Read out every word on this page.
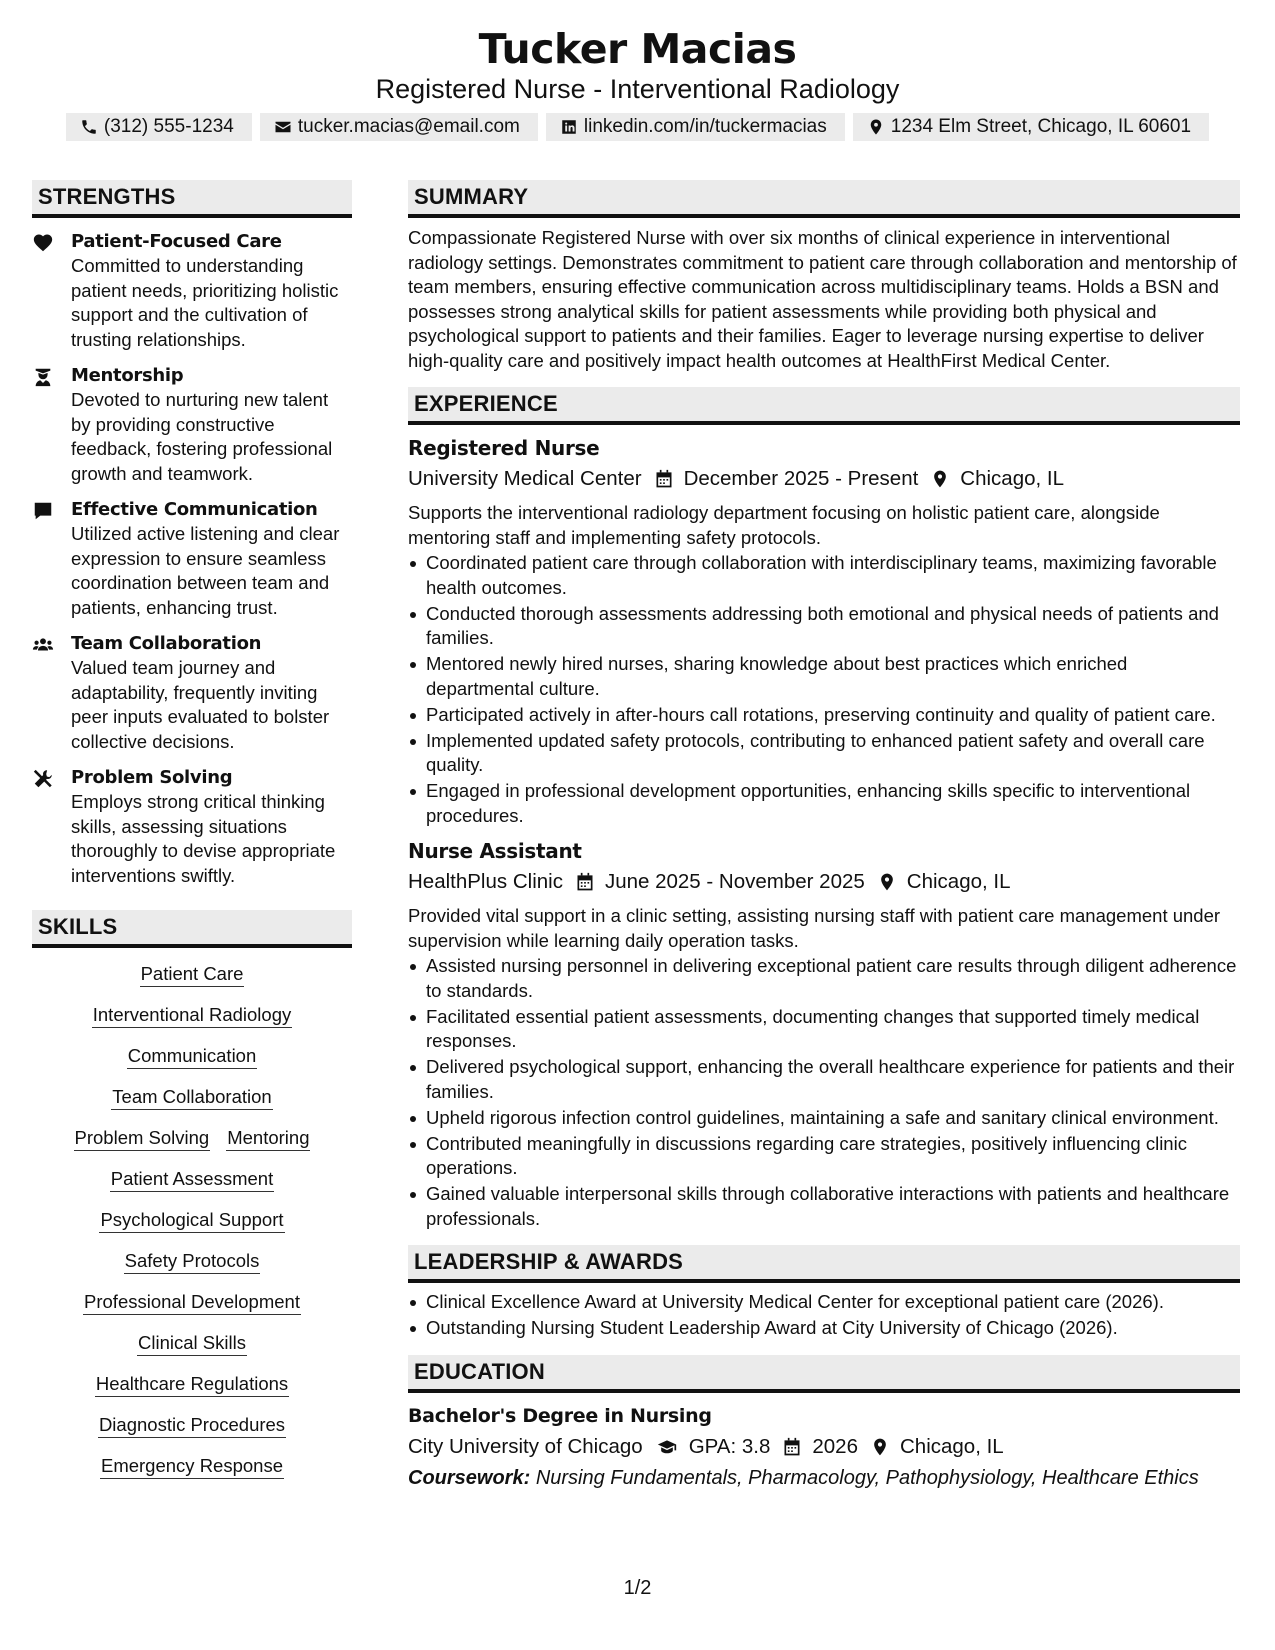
Tucker Macias
Registered Nurse - Interventional Radiology
(312) 555-1234	tucker.macias@email.com	linkedin.com/in/tuckermacias	1234 Elm Street, Chicago, IL 60601
STRENGTHS
Patient-Focused Care
Committed to understanding patient needs, prioritizing holistic support and the cultivation of trusting relationships.
Mentorship
Devoted to nurturing new talent by providing constructive feedback, fostering professional growth and teamwork.
Effective Communication
Utilized active listening and clear expression to ensure seamless coordination between team and patients, enhancing trust.
Team Collaboration
Valued team journey and adaptability, frequently inviting peer inputs evaluated to bolster collective decisions.
Problem Solving
Employs strong critical thinking skills, assessing situations thoroughly to devise appropriate interventions swiftly.
SKILLS
Patient Care
Interventional Radiology
Communication
Team Collaboration
Problem Solving Mentoring
Patient Assessment
Psychological Support
Safety Protocols
Professional Development
Clinical Skills
Healthcare Regulations
Diagnostic Procedures
Emergency Response
SUMMARY
Compassionate Registered Nurse with over six months of clinical experience in interventional radiology settings. Demonstrates commitment to patient care through collaboration and mentorship of team members, ensuring effective communication across multidisciplinary teams. Holds a BSN and possesses strong analytical skills for patient assessments while providing both physical and psychological support to patients and their families. Eager to leverage nursing expertise to deliver high-quality care and positively impact health outcomes at HealthFirst Medical Center.
EXPERIENCE
Registered Nurse
University Medical Center December 2025 - Present Chicago, IL
Supports the interventional radiology department focusing on holistic patient care, alongside mentoring staff and implementing safety protocols.
Coordinated patient care through collaboration with interdisciplinary teams, maximizing favorable health outcomes.
Conducted thorough assessments addressing both emotional and physical needs of patients and families.
Mentored newly hired nurses, sharing knowledge about best practices which enriched departmental culture.
Participated actively in after-hours call rotations, preserving continuity and quality of patient care.
Implemented updated safety protocols, contributing to enhanced patient safety and overall care quality.
Engaged in professional development opportunities, enhancing skills specific to interventional procedures.
Nurse Assistant
HealthPlus Clinic June 2025 - November 2025 Chicago, IL
Provided vital support in a clinic setting, assisting nursing staff with patient care management under supervision while learning daily operation tasks.
Assisted nursing personnel in delivering exceptional patient care results through diligent adherence to standards.
Facilitated essential patient assessments, documenting changes that supported timely medical responses.
Delivered psychological support, enhancing the overall healthcare experience for patients and their families.
Upheld rigorous infection control guidelines, maintaining a safe and sanitary clinical environment.
Contributed meaningfully in discussions regarding care strategies, positively influencing clinic operations.
Gained valuable interpersonal skills through collaborative interactions with patients and healthcare professionals.
LEADERSHIP & AWARDS
Clinical Excellence Award at University Medical Center for exceptional patient care (2026).
Outstanding Nursing Student Leadership Award at City University of Chicago (2026).
EDUCATION
Bachelor's Degree in Nursing
City University of Chicago GPA: 3.8 2026 Chicago, IL
Coursework: Nursing Fundamentals, Pharmacology, Pathophysiology, Healthcare Ethics
1/2
